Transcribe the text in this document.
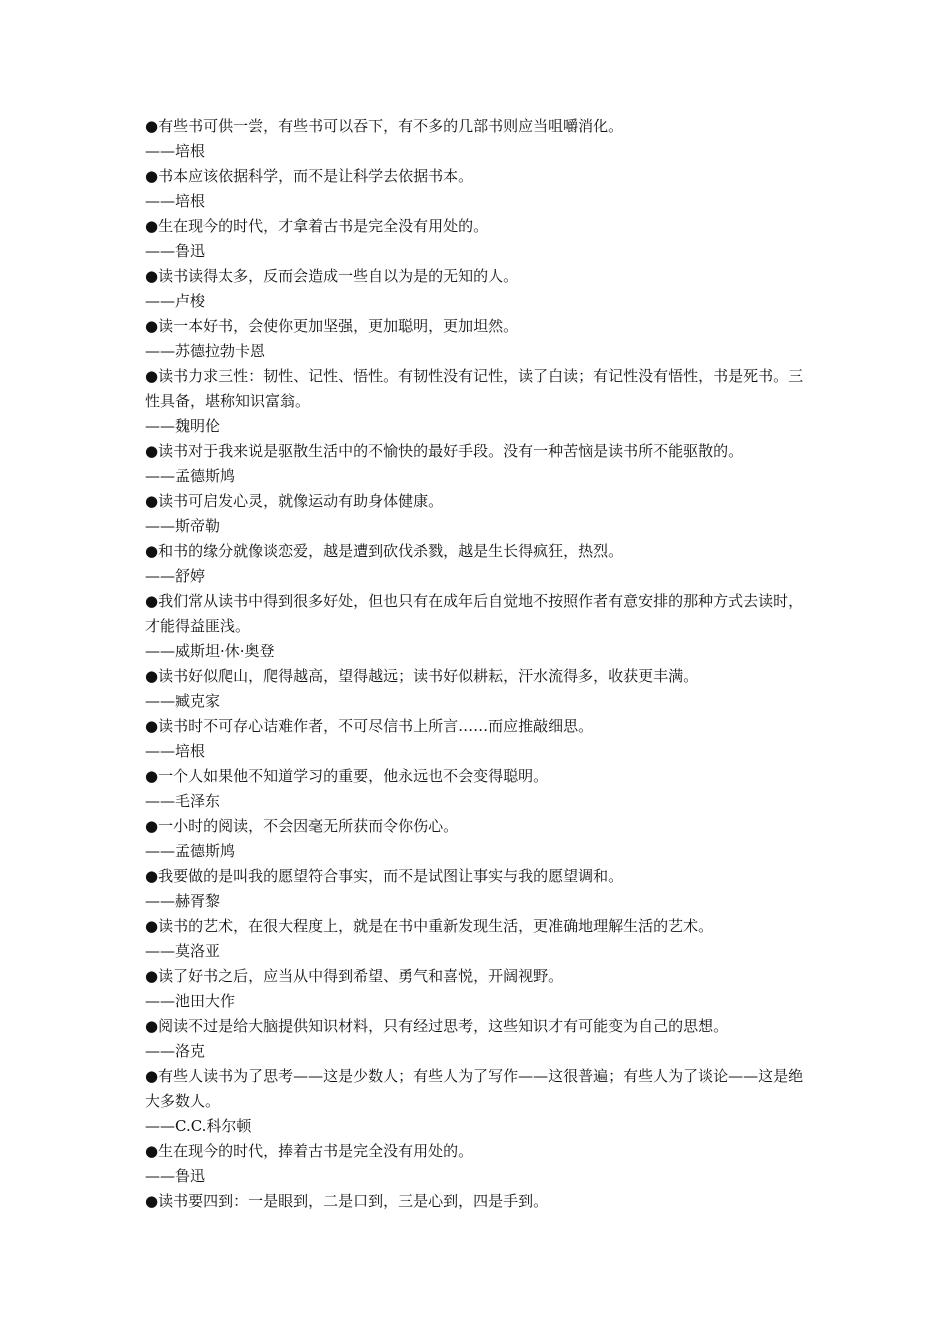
●有些书可供一尝，有些书可以吞下，有不多的几部书则应当咀嚼消化。
——培根
●书本应该依据科学，而不是让科学去依据书本。
——培根
●生在现今的时代，才拿着古书是完全没有用处的。
——鲁迅
●读书读得太多，反而会造成一些自以为是的无知的人。
——卢梭
●读一本好书，会使你更加坚强，更加聪明，更加坦然。
——苏德拉勃卡恩
●读书力求三性：韧性、记性、悟性。有韧性没有记性，读了白读；有记性没有悟性，书是死书。三性具备，堪称知识富翁。
——魏明伦
●读书对于我来说是驱散生活中的不愉快的最好手段。没有一种苦恼是读书所不能驱散的。
——孟德斯鸠
●读书可启发心灵，就像运动有助身体健康。
——斯帝勒
●和书的缘分就像谈恋爱，越是遭到砍伐杀戮，越是生长得疯狂，热烈。
——舒婷
●我们常从读书中得到很多好处，但也只有在成年后自觉地不按照作者有意安排的那种方式去读时，才能得益匪浅。
——威斯坦·休·奥登
●读书好似爬山，爬得越高，望得越远；读书好似耕耘，汗水流得多，收获更丰满。
——臧克家
●读书时不可存心诘难作者，不可尽信书上所言……而应推敲细思。
——培根
●一个人如果他不知道学习的重要，他永远也不会变得聪明。
——毛泽东
●一小时的阅读，不会因毫无所获而令你伤心。
——孟德斯鸠
●我要做的是叫我的愿望符合事实，而不是试图让事实与我的愿望调和。
——赫胥黎
●读书的艺术，在很大程度上，就是在书中重新发现生活，更准确地理解生活的艺术。
——莫洛亚
●读了好书之后，应当从中得到希望、勇气和喜悦，开阔视野。
——池田大作
●阅读不过是给大脑提供知识材料，只有经过思考，这些知识才有可能变为自己的思想。
——洛克
●有些人读书为了思考——这是少数人；有些人为了写作——这很普遍；有些人为了谈论——这是绝大多数人。
——C.C.科尔顿
●生在现今的时代，捧着古书是完全没有用处的。
——鲁迅
●读书要四到：一是眼到，二是口到，三是心到，四是手到。
